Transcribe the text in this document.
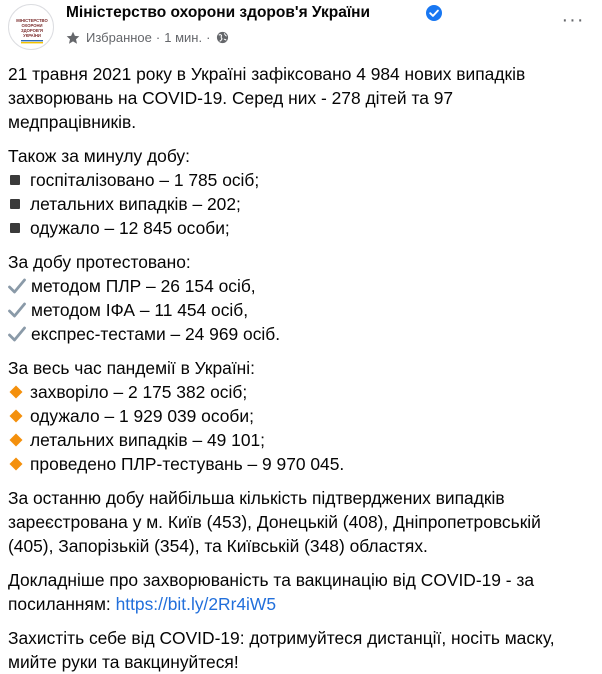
МІНІСТЕРСТВО
ОХОРОНИ
ЗДОРОВ'Я
УКРАЇНИ
Міністерство охорони здоров'я України
Избранное · 1 мин. ·
···

21 травня 2021 року в Україні зафіксовано 4 984 нових випадків

захворювань на COVID-19. Серед них - 278 дітей та 97

медпрацівників.

Також за минулу добу:

госпіталізовано – 1 785 осіб;
летальних випадків – 202;
одужало – 12 845 особи;

За добу протестовано:

методом ПЛР – 26 154 осіб,
методом ІФА – 11 454 осіб,
експрес-тестами – 24 969 осіб.

За весь час пандемії в Україні:

захворіло – 2 175 382 осіб;
одужало – 1 929 039 особи;
летальних випадків – 49 101;
проведено ПЛР-тестувань – 9 970 045.

За останню добу найбільша кількість підтверджених випадків

зареєстрована у м. Київ (453), Донецькій (408), Дніпропетровській

(405), Запорізькій (354), та Київській (348) областях.

Докладніше про захворюваність та вакцинацію від COVID-19 - за

посиланням: https://bit.ly/2Rr4iW5

Захистіть себе від COVID-19: дотримуйтеся дистанції, носіть маску,

мийте руки та вакцинуйтеся!
